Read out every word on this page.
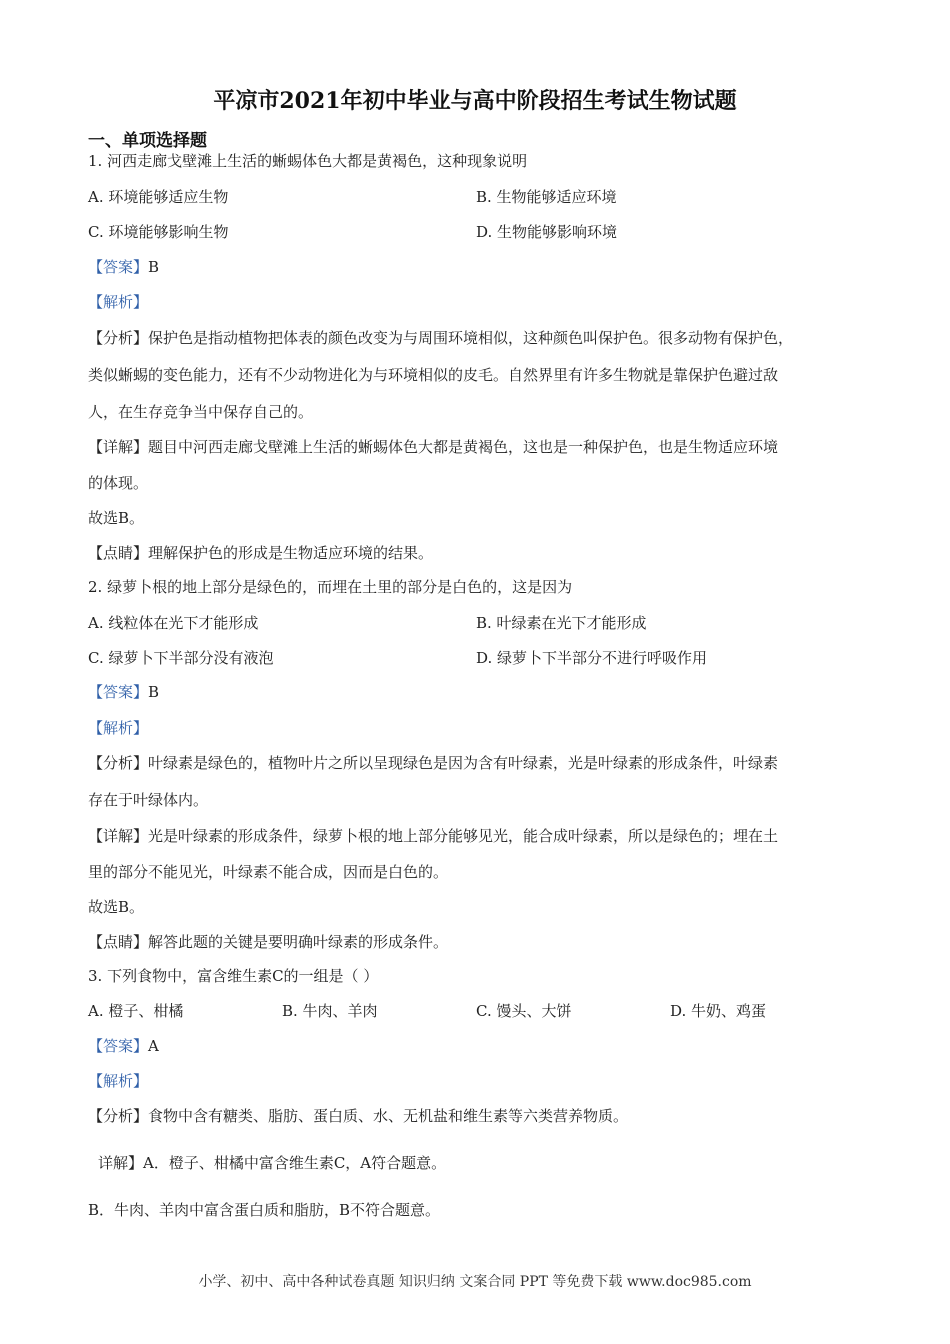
平凉市2021年初中毕业与高中阶段招生考试生物试题
一、单项选择题
1. 河西走廊戈壁滩上生活的蜥蜴体色大都是黄褐色，这种现象说明
A. 环境能够适应生物	B. 生物能够适应环境
C. 环境能够影响生物	D. 生物能够影响环境
【答案】B
【解析】
【分析】保护色是指动植物把体表的颜色改变为与周围环境相似，这种颜色叫保护色。很多动物有保护色，
类似蜥蜴的变色能力，还有不少动物进化为与环境相似的皮毛。自然界里有许多生物就是靠保护色避过敌
人，在生存竞争当中保存自己的。
【详解】题目中河西走廊戈壁滩上生活的蜥蜴体色大都是黄褐色，这也是一种保护色，也是生物适应环境
的体现。
故选B。
【点睛】理解保护色的形成是生物适应环境的结果。
2. 绿萝卜根的地上部分是绿色的，而埋在土里的部分是白色的，这是因为
A. 线粒体在光下才能形成	B. 叶绿素在光下才能形成
C. 绿萝卜下半部分没有液泡	D. 绿萝卜下半部分不进行呼吸作用
【答案】B
【解析】
【分析】叶绿素是绿色的，植物叶片之所以呈现绿色是因为含有叶绿素，光是叶绿素的形成条件，叶绿素
存在于叶绿体内。
【详解】光是叶绿素的形成条件，绿萝卜根的地上部分能够见光，能合成叶绿素，所以是绿色的；埋在土
里的部分不能见光，叶绿素不能合成，因而是白色的。
故选B。
【点睛】解答此题的关键是要明确叶绿素的形成条件。
3. 下列食物中，富含维生素C的一组是（ ）
A. 橙子、柑橘	B. 牛肉、羊肉	C. 馒头、大饼	D. 牛奶、鸡蛋
【答案】A
【解析】
【分析】食物中含有糖类、脂肪、蛋白质、水、无机盐和维生素等六类营养物质。
详解】A．橙子、柑橘中富含维生素C，A符合题意。
B．牛肉、羊肉中富含蛋白质和脂肪，B不符合题意。
小学、初中、高中各种试卷真题 知识归纳 文案合同 PPT 等免费下载 www.doc985.com
